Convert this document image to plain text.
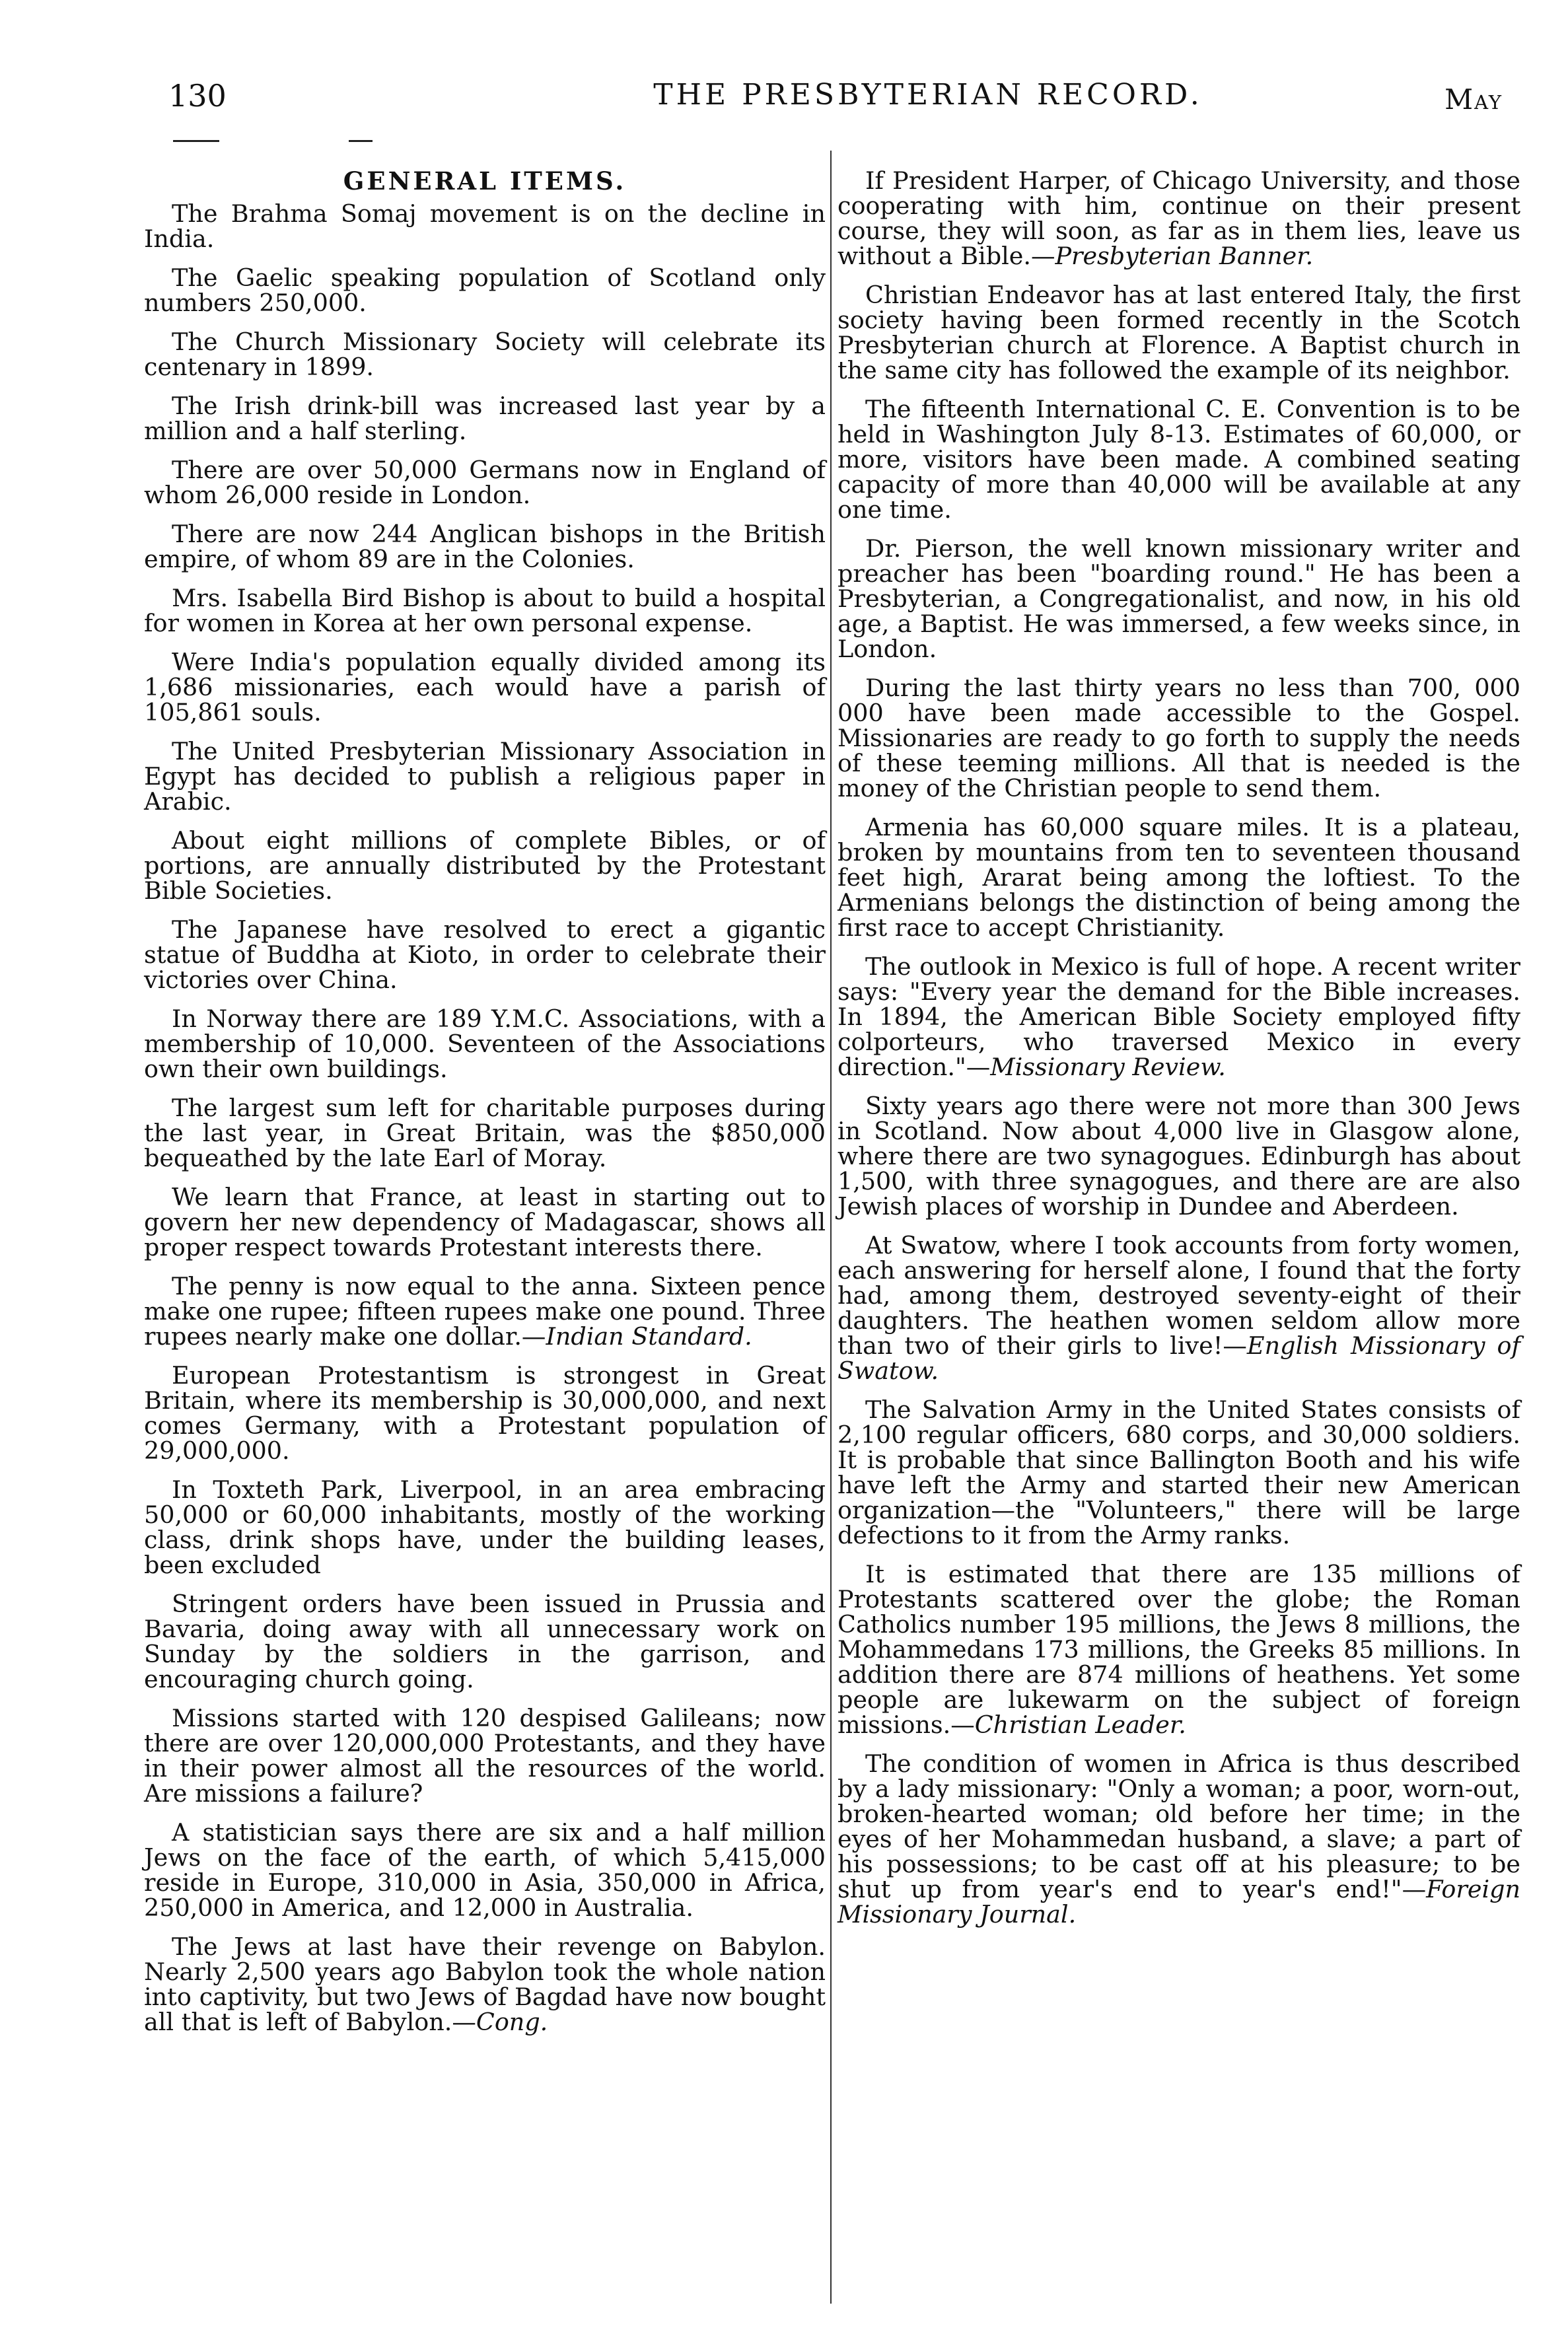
130	THE PRESBYTERIAN RECORD.	May
GENERAL ITEMS.

The Brahma Somaj movement is on the decline in India.

The Gaelic speaking population of Scotland only numbers 250,000.

The Church Missionary Society will celebrate its centenary in 1899.

The Irish drink-bill was increased last year by a million and a half sterling.

There are over 50,000 Germans now in England of whom 26,000 reside in London.

There are now 244 Anglican bishops in the British empire, of whom 89 are in the Colonies.

Mrs. Isabella Bird Bishop is about to build a hospital for women in Korea at her own personal expense.

Were India's population equally divided among its 1,686 missionaries, each would have a parish of 105,861 souls.

The United Presbyterian Missionary Association in Egypt has decided to publish a religious paper in Arabic.

About eight millions of complete Bibles, or of portions, are annually distributed by the Protestant Bible Societies.

The Japanese have resolved to erect a gigantic statue of Buddha at Kioto, in order to celebrate their victories over China.

In Norway there are 189 Y.M.C. Associations, with a membership of 10,000. Seventeen of the Associations own their own buildings.

The largest sum left for charitable purposes during the last year, in Great Britain, was the $850,000 bequeathed by the late Earl of Moray.

We learn that France, at least in starting out to govern her new dependency of Madagascar, shows all proper respect towards Protestant interests there.

The penny is now equal to the anna. Sixteen pence make one rupee; fifteen rupees make one pound. Three rupees nearly make one dollar.—Indian Standard.

European Protestantism is strongest in Great Britain, where its membership is 30,000,000, and next comes Germany, with a Protestant population of 29,000,000.

In Toxteth Park, Liverpool, in an area embracing 50,000 or 60,000 inhabitants, mostly of the working class, drink shops have, under the building leases, been excluded

Stringent orders have been issued in Prussia and Bavaria, doing away with all unnecessary work on Sunday by the soldiers in the garrison, and encouraging church going.

Missions started with 120 despised Galileans; now there are over 120,000,000 Protestants, and they have in their power almost all the resources of the world. Are missions a failure?

A statistician says there are six and a half million Jews on the face of the earth, of which 5,415,000 reside in Europe, 310,000 in Asia, 350,000 in Africa, 250,000 in America, and 12,000 in Australia.

The Jews at last have their revenge on Babylon. Nearly 2,500 years ago Babylon took the whole nation into captivity, but two Jews of Bagdad have now bought all that is left of Babylon.—Cong.

If President Harper, of Chicago University, and those cooperating with him, continue on their present course, they will soon, as far as in them lies, leave us without a Bible.—Presbyterian Banner.

Christian Endeavor has at last entered Italy, the first society having been formed recently in the Scotch Presbyterian church at Florence. A Baptist church in the same city has followed the example of its neighbor.

The fifteenth International C. E. Convention is to be held in Washington July 8-13. Estimates of 60,000, or more, visitors have been made. A combined seating capacity of more than 40,000 will be available at any one time.

Dr. Pierson, the well known missionary writer and preacher has been "boarding round." He has been a Presbyterian, a Congregationalist, and now, in his old age, a Baptist. He was immersed, a few weeks since, in London.

During the last thirty years no less than 700, 000 000 have been made accessible to the Gospel. Missionaries are ready to go forth to supply the needs of these teeming millions. All that is needed is the money of the Christian people to send them.

Armenia has 60,000 square miles. It is a plateau, broken by mountains from ten to seventeen thousand feet high, Ararat being among the loftiest. To the Armenians belongs the distinction of being among the first race to accept Christianity.

The outlook in Mexico is full of hope. A recent writer says: "Every year the demand for the Bible increases. In 1894, the American Bible Society employed fifty colporteurs, who traversed Mexico in every direction."—Missionary Review.

Sixty years ago there were not more than 300 Jews in Scotland. Now about 4,000 live in Glasgow alone, where there are two synagogues. Edinburgh has about 1,500, with three synagogues, and there are are also Jewish places of worship in Dundee and Aberdeen.

At Swatow, where I took accounts from forty women, each answering for herself alone, I found that the forty had, among them, destroyed seventy-eight of their daughters. The heathen women seldom allow more than two of their girls to live!—English Missionary of Swatow.

The Salvation Army in the United States consists of 2,100 regular officers, 680 corps, and 30,000 soldiers. It is probable that since Ballington Booth and his wife have left the Army and started their new American organization—the "Volunteers," there will be large defections to it from the Army ranks.

It is estimated that there are 135 millions of Protestants scattered over the globe; the Roman Catholics number 195 millions, the Jews 8 millions, the Mohammedans 173 millions, the Greeks 85 millions. In addition there are 874 millions of heathens. Yet some people are lukewarm on the subject of foreign missions.—Christian Leader.

The condition of women in Africa is thus described by a lady missionary: "Only a woman; a poor, worn-out, broken-hearted woman; old before her time; in the eyes of her Mohammedan husband, a slave; a part of his possessions; to be cast off at his pleasure; to be shut up from year's end to year's end!"—Foreign Missionary Journal.
